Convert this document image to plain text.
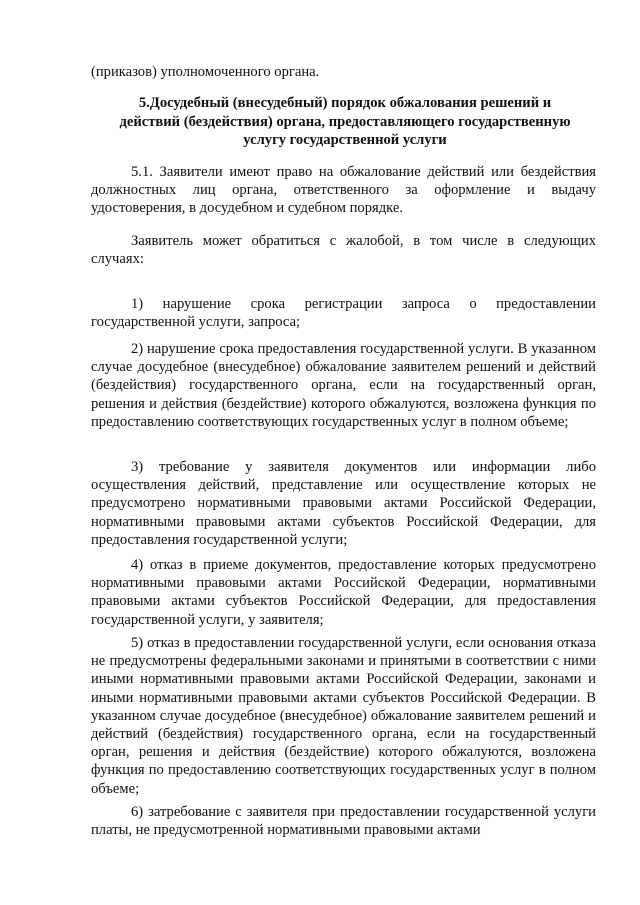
(приказов) уполномоченного органа.

5.Досудебный (внесудебный) порядок обжалования решений и действий (бездействия) органа, предоставляющего государственную услугу государственной услуги

5.1. Заявители имеют право на обжалование действий или бездействия должностных лиц органа, ответственного за оформление и выдачу удостоверения, в досудебном и судебном порядке.

Заявитель может обратиться с жалобой, в том числе в следующих случаях:

1) нарушение срока регистрации запроса о предоставлении государственной услуги, запроса;

2) нарушение срока предоставления государственной услуги. В указанном случае досудебное (внесудебное) обжалование заявителем решений и действий (бездействия) государственного органа, если на государственный орган, решения и действия (бездействие) которого обжалуются, возложена функция по предоставлению соответствующих государственных услуг в полном объеме;

3) требование у заявителя документов или информации либо осуществления действий, представление или осуществление которых не предусмотрено нормативными правовыми актами Российской Федерации, нормативными правовыми актами субъектов Российской Федерации, для предоставления государственной услуги;

4) отказ в приеме документов, предоставление которых предусмотрено нормативными правовыми актами Российской Федерации, нормативными правовыми актами субъектов Российской Федерации, для предоставления государственной услуги, у заявителя;

5) отказ в предоставлении государственной услуги, если основания отказа не предусмотрены федеральными законами и принятыми в соответствии с ними иными нормативными правовыми актами Российской Федерации, законами и иными нормативными правовыми актами субъектов Российской Федерации. В указанном случае досудебное (внесудебное) обжалование заявителем решений и действий (бездействия) государственного органа, если на государственный орган, решения и действия (бездействие) которого обжалуются, возложена функция по предоставлению соответствующих государственных услуг в полном объеме;

6) затребование с заявителя при предоставлении государственной услуги платы, не предусмотренной нормативными правовыми актами
